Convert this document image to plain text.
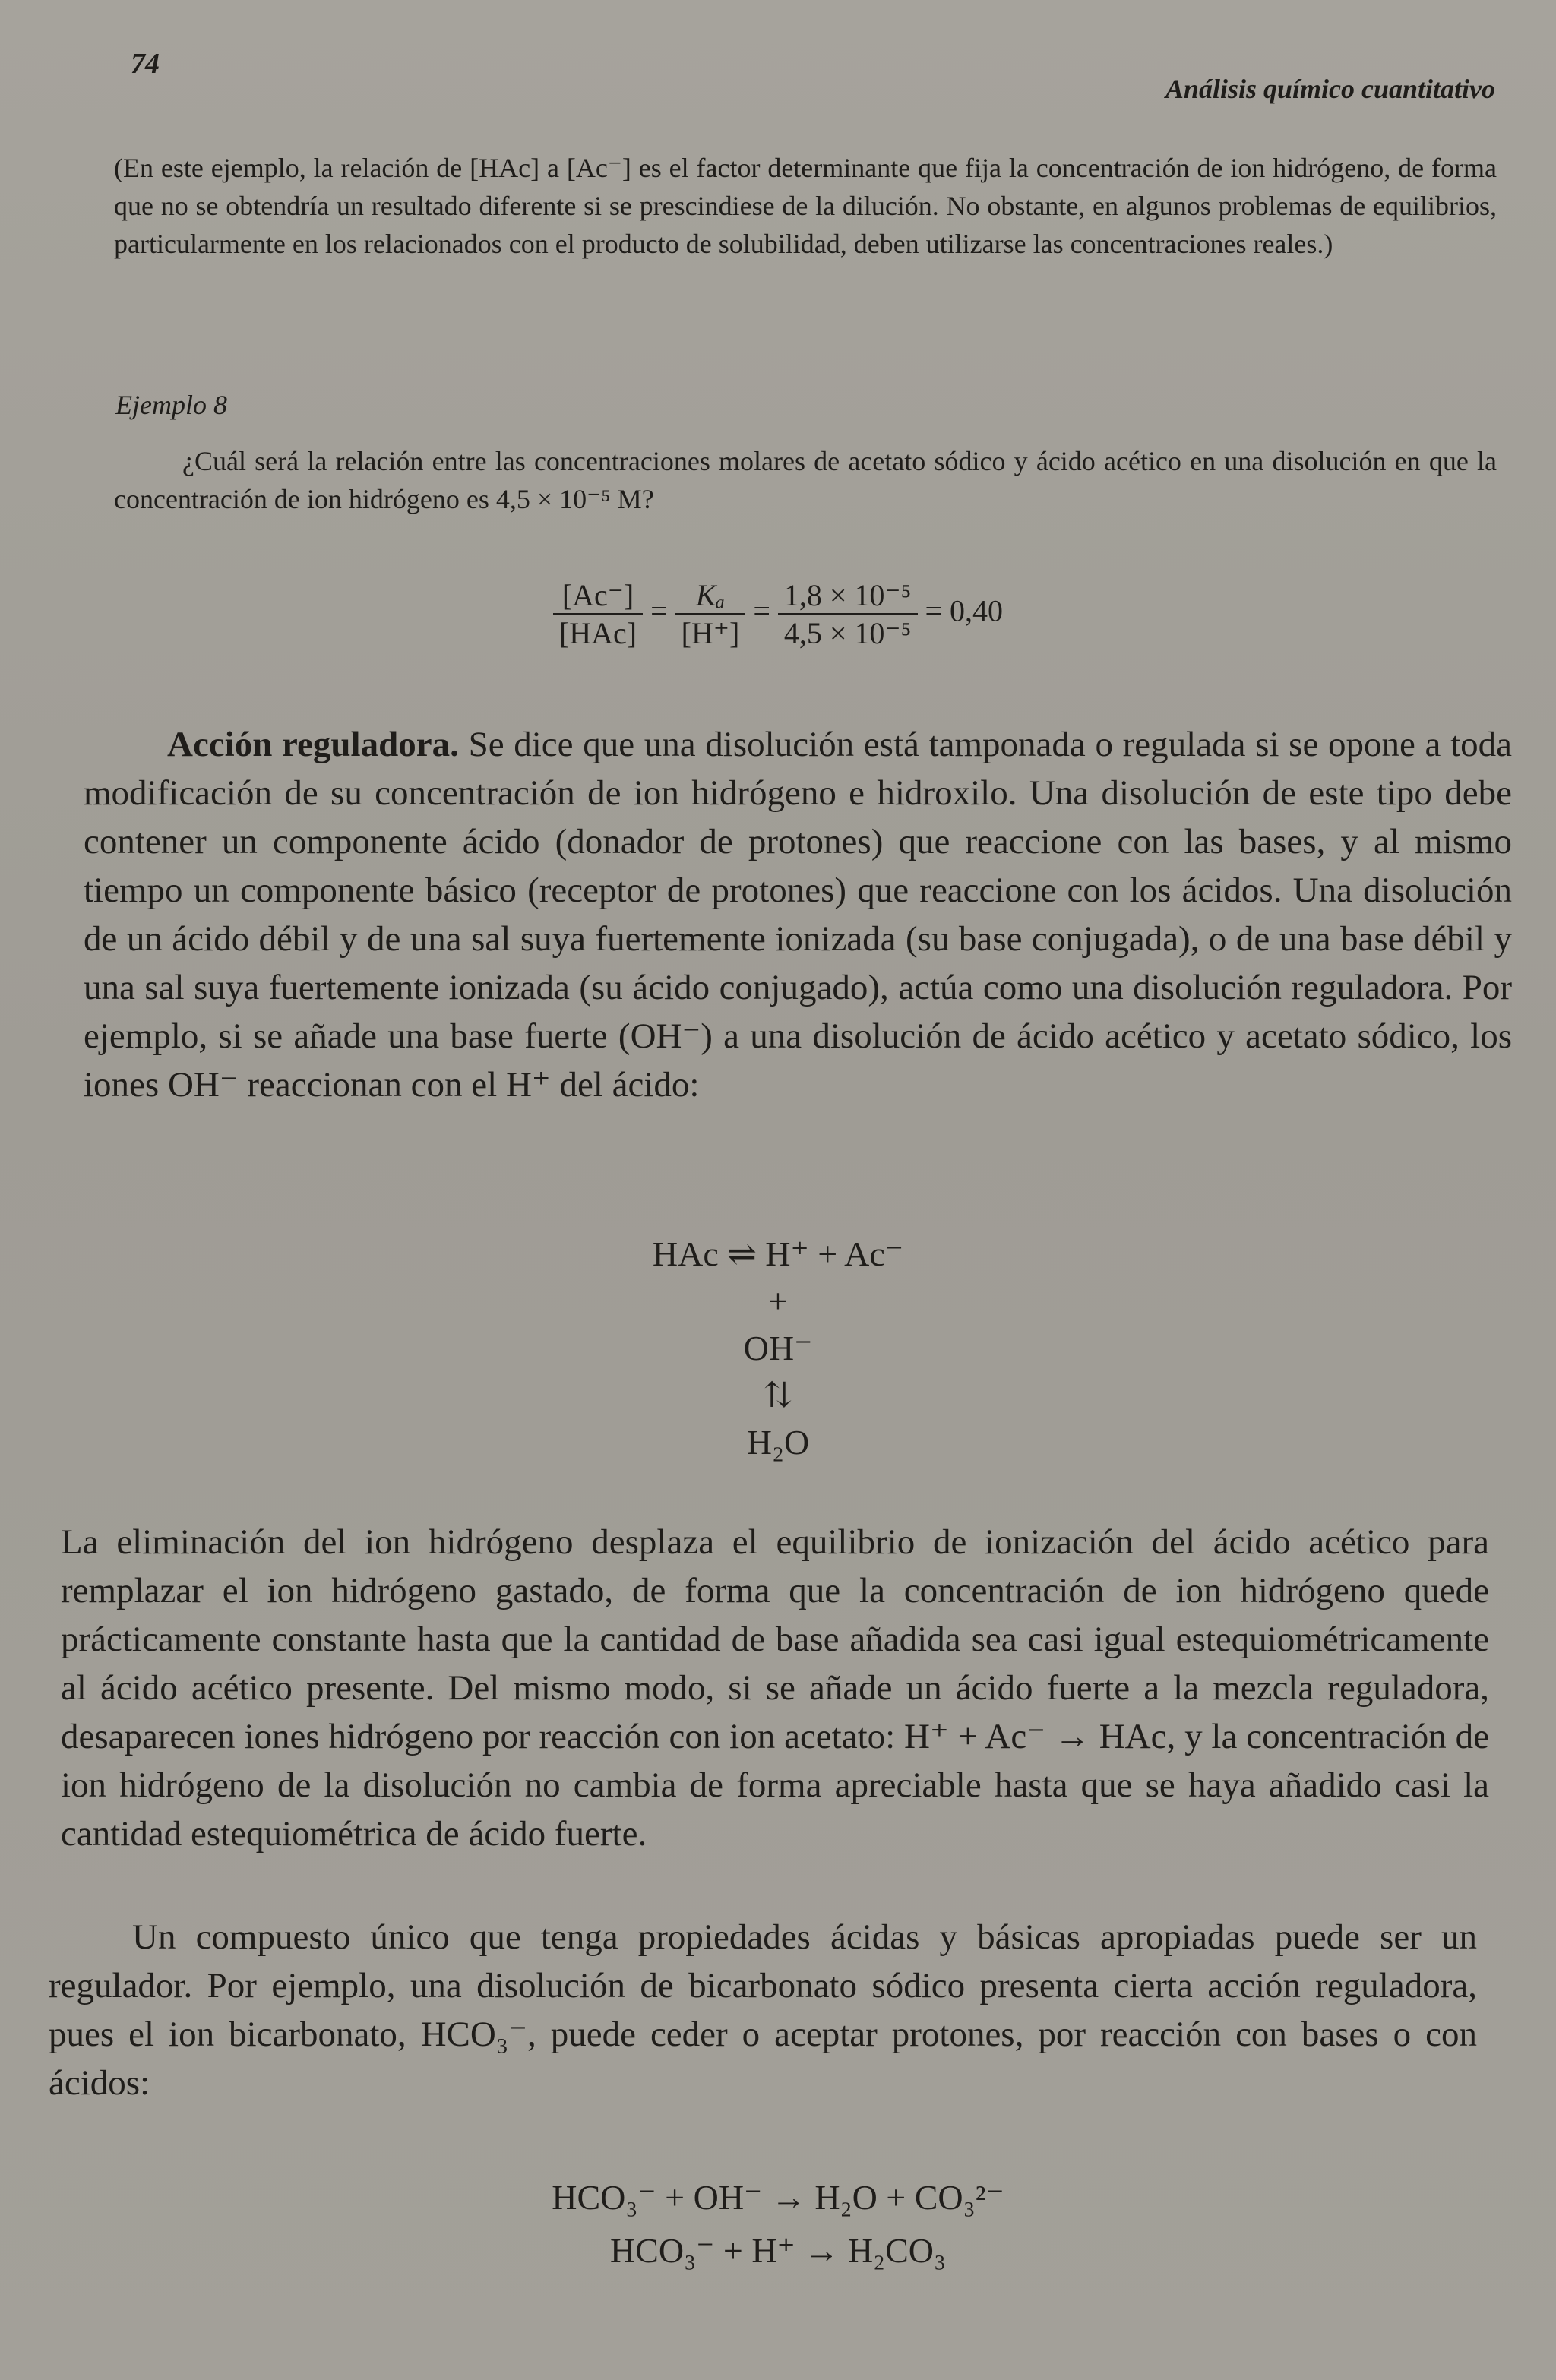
74
Análisis químico cuantitativo

(En este ejemplo, la relación de [HAc] a [Ac⁻] es el factor determinante que fija la concentración de ion hidrógeno, de forma que no se obtendría un resultado diferente si se prescindiese de la dilución. No obstante, en algunos problemas de equilibrios, particularmente en los relacionados con el producto de solubilidad, deben utilizarse las concentraciones reales.)

Ejemplo 8

¿Cuál será la relación entre las concentraciones molares de acetato sódico y ácido acético en una disolución en que la concentración de ion hidrógeno es 4,5 × 10⁻⁵ M?

$\frac{[Ac^-]}{\text{[HAc]}} = \frac{\text{Kₐ}}{[H^+]} = \frac{\text{1,8 × 10⁻⁵}}{\text{4,5 × 10⁻⁵}} = 0,40$

Acción reguladora. Se dice que una disolución está tamponada o regulada si se opone a toda modificación de su concentración de ion hidrógeno e hidroxilo. Una disolución de este tipo debe contener un componente ácido (donador de protones) que reaccione con las bases, y al mismo tiempo un componente básico (receptor de protones) que reaccione con los ácidos. Una disolución de un ácido débil y de una sal suya fuertemente ionizada (su base conjugada), o de una base débil y una sal suya fuertemente ionizada (su ácido conjugado), actúa como una disolución reguladora. Por ejemplo, si se añade una base fuerte (OH⁻) a una disolución de ácido acético y acetato sódico, los iones OH⁻ reaccionan con el H⁺ del ácido:

HAc ⇌ H⁺ + Ac⁻
+
OH⁻
⇅
H₂O

La eliminación del ion hidrógeno desplaza el equilibrio de ionización del ácido acético para remplazar el ion hidrógeno gastado, de forma que la concentración de ion hidrógeno quede prácticamente constante hasta que la cantidad de base añadida sea casi igual estequiométricamente al ácido acético presente. Del mismo modo, si se añade un ácido fuerte a la mezcla reguladora, desaparecen iones hidrógeno por reacción con ion acetato: H⁺ + Ac⁻ → HAc, y la concentración de ion hidrógeno de la disolución no cambia de forma apreciable hasta que se haya añadido casi la cantidad estequiométrica de ácido fuerte.

Un compuesto único que tenga propiedades ácidas y básicas apropiadas puede ser un regulador. Por ejemplo, una disolución de bicarbonato sódico presenta cierta acción reguladora, pues el ion bicarbonato, HCO₃⁻, puede ceder o aceptar protones, por reacción con bases o con ácidos:

HCO₃⁻ + OH⁻ → H₂O + CO₃²⁻
HCO₃⁻ + H⁺ → H₂CO₃
